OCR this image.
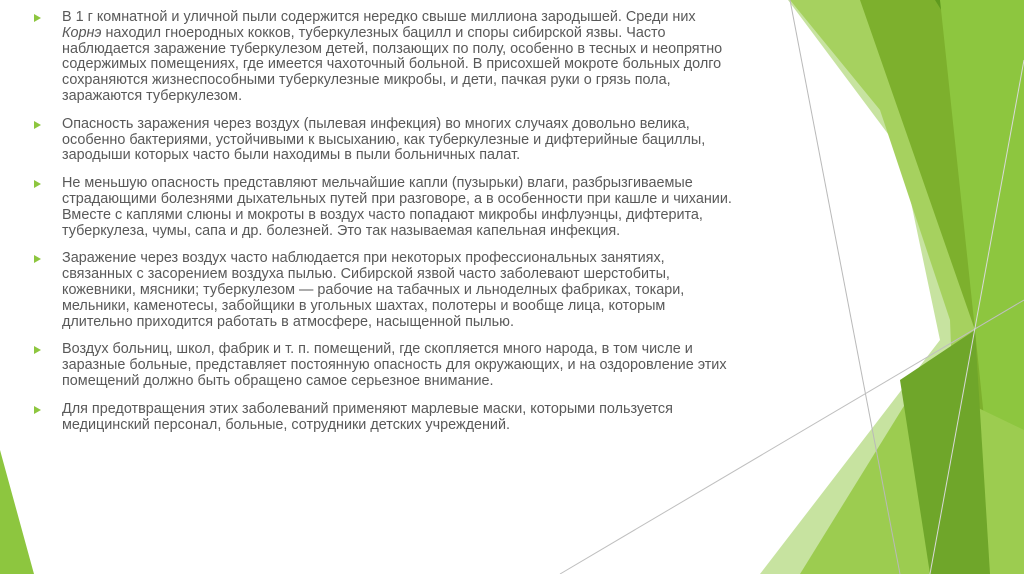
В 1 г комнатной и уличной пыли содержится нередко свыше миллиона зародышей. Среди них Корнэ находил гноеродных кокков, туберкулезных бацилл и споры сибирской язвы. Часто наблюдается заражение туберкулезом детей, ползающих по полу, особенно в тесных и неопрятно содержимых помещениях, где имеется чахоточный больной. В присохшей мокроте больных долго сохраняются жизнеспособными туберкулезные микробы, и дети, пачкая руки о грязь пола, заражаются туберкулезом.
Опасность заражения через воздух (пылевая инфекция) во многих случаях довольно велика, особенно бактериями, устойчивыми к высыханию, как туберкулезные и дифтерийные бациллы, зародыши которых часто были находимы в пыли больничных палат.
Не меньшую опасность представляют мельчайшие капли (пузырьки) влаги, разбрызгиваемые страдающими болезнями дыхательных путей при разговоре, а в особенности при кашле и чихании. Вместе с каплями слюны и мокроты в воздух часто попадают микробы инфлуэнцы, дифтерита, туберкулеза, чумы, сапа и др. болезней. Это так называемая капельная инфекция.
Заражение через воздух часто наблюдается при некоторых профессиональных занятиях, связанных с засорением воздуха пылью. Сибирской язвой часто заболевают шерстобиты, кожевники, мясники; туберкулезом — рабочие на табачных и льноделных фабриках, токари, мельники, каменотесы, забойщики в угольных шахтах, полотеры и вообще лица, которым длительно приходится работать в атмосфере, насыщенной пылью.
Воздух больниц, школ, фабрик и т. п. помещений, где скопляется много народа, в том числе и заразные больные, представляет постоянную опасность для окружающих, и на оздоровление этих помещений должно быть обращено самое серьезное внимание.
Для предотвращения этих заболеваний применяют марлевые маски, которыми пользуется медицинский персонал, больные, сотрудники детских учреждений.
